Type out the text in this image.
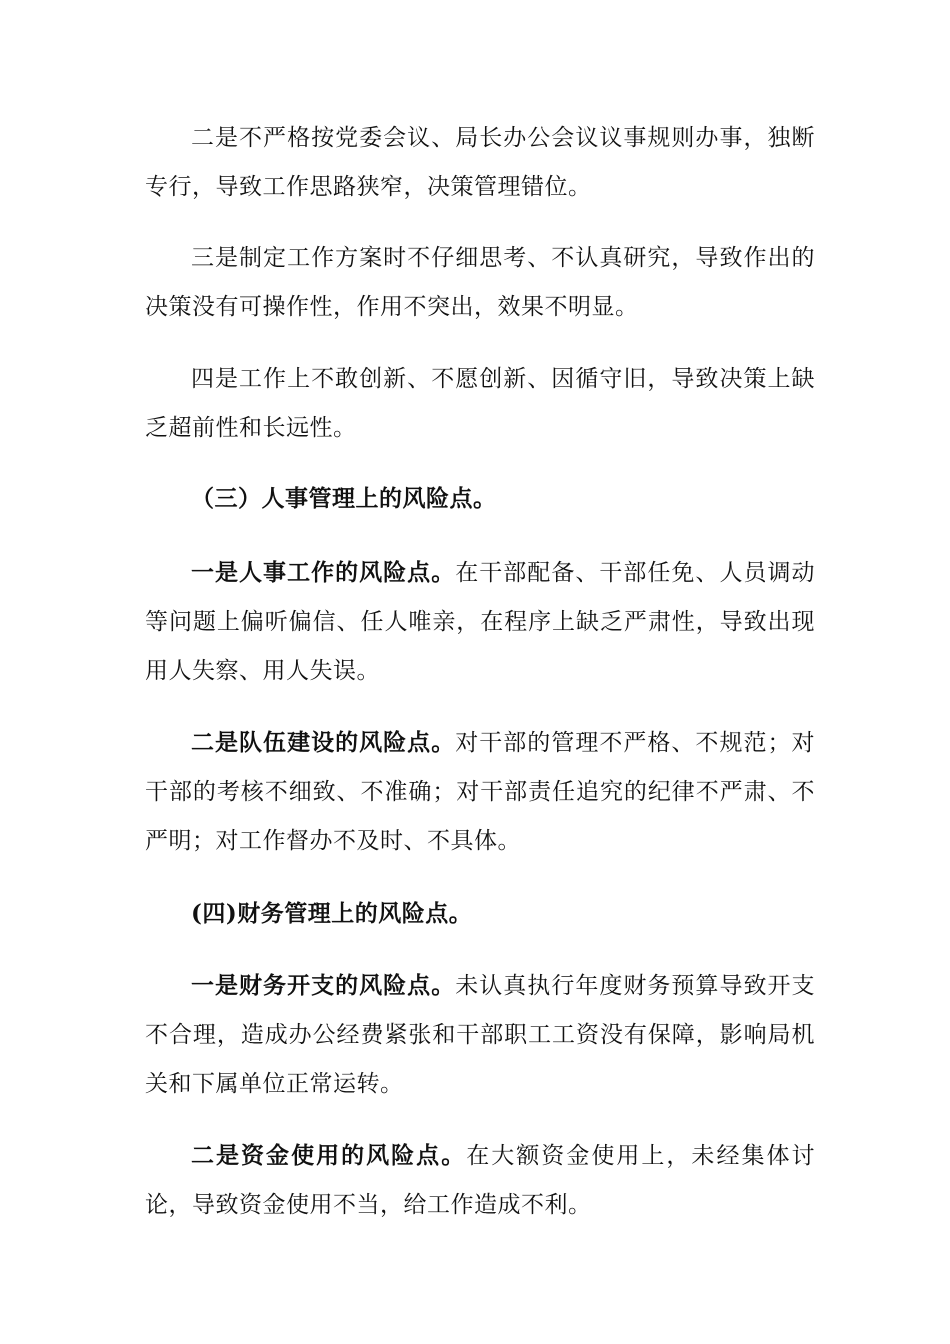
二是不严格按党委会议、局长办公会议议事规则办事，独断专行，导致工作思路狭窄，决策管理错位。

三是制定工作方案时不仔细思考、不认真研究，导致作出的决策没有可操作性，作用不突出，效果不明显。

四是工作上不敢创新、不愿创新、因循守旧，导致决策上缺乏超前性和长远性。

（三）人事管理上的风险点。

一是人事工作的风险点。在干部配备、干部任免、人员调动等问题上偏听偏信、任人唯亲，在程序上缺乏严肃性，导致出现用人失察、用人失误。

二是队伍建设的风险点。对干部的管理不严格、不规范；对干部的考核不细致、不准确；对干部责任追究的纪律不严肃、不严明；对工作督办不及时、不具体。

(四)财务管理上的风险点。

一是财务开支的风险点。未认真执行年度财务预算导致开支不合理，造成办公经费紧张和干部职工工资没有保障，影响局机关和下属单位正常运转。

二是资金使用的风险点。在大额资金使用上，未经集体讨论，导致资金使用不当，给工作造成不利。
